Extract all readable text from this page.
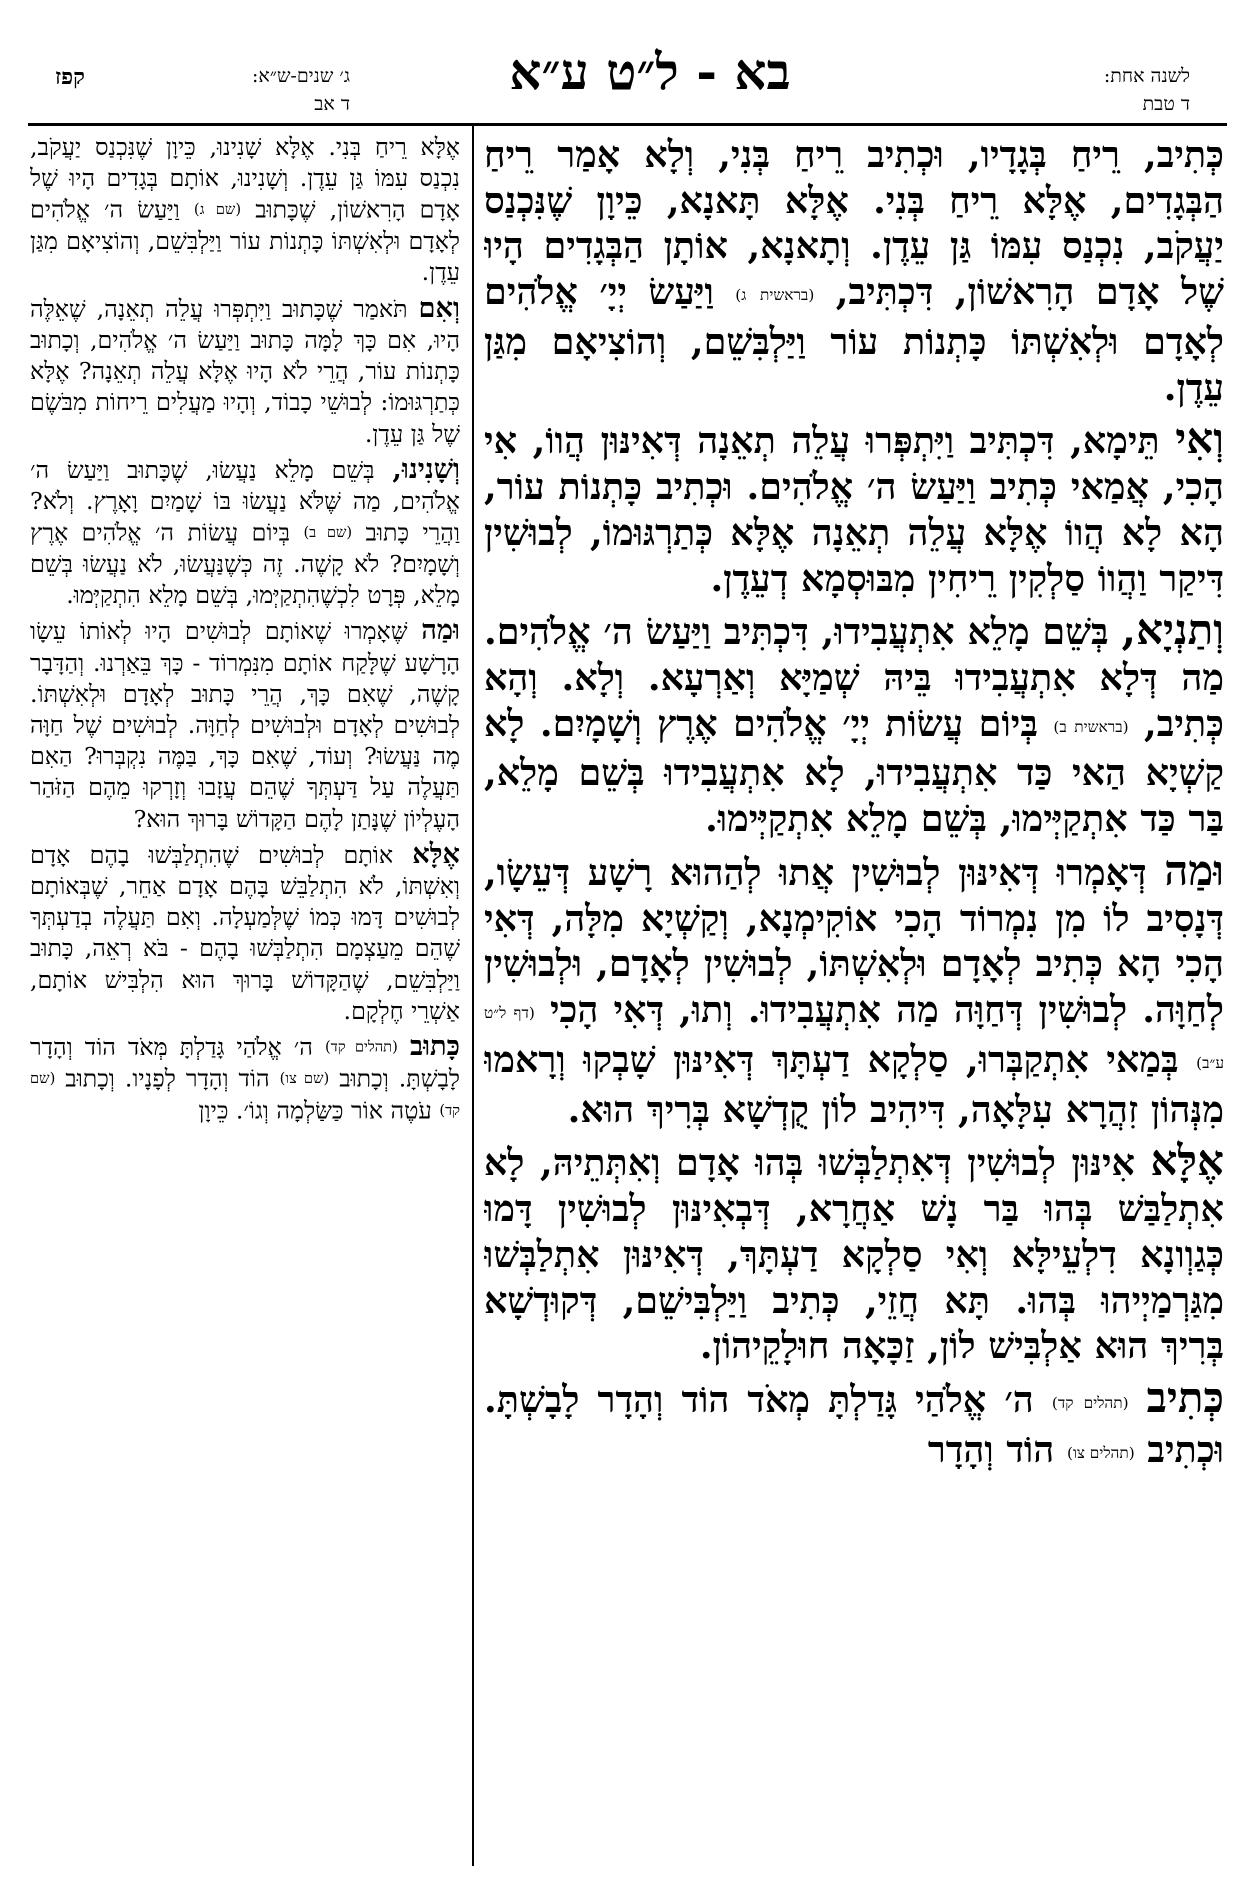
קפז	ג׳ שנים-ש״א:
ד אב
בא - ל״ט ע״א	לשנה אחת:
ד טבת

כְּתִיב, רֵיחַ בְּגָדָיו, וּכְתִיב רֵיחַ בְּנִי, וְלָא אָמַר רֵיחַ הַבְּגָדִים, אֶלָּא רֵיחַ בְּנִי. אֶלָּא תָּאנָא, כֵּיוָן שֶׁנִּכְנַס יַעֲקֹב, נִכְנַס עִמּוֹ גַּן עֵדֶן. וְתָאנָא, אוֹתָן הַבְּגָדִים הָיוּ שֶׁל אָדָם הָרִאשׁוֹן, דִּכְתִּיב, (בראשית ג) וַיַּעַשׂ יְיָ׳ אֱלֹהִים לְאָדָם וּלְאִשְׁתּוֹ כָּתְנוֹת עוֹר וַיַּלְבִּשֵׁם, וְהוֹצִיאָם מִגַּן עֵדֶן.

וְאִי תֵּימָא, דִּכְתִּיב וַיִּתְפְּרוּ עֲלֵה תְאֵנָה דְּאִינּוּן הֲווֹ, אִי הָכִי, אֲמַאי כְּתִיב וַיַּעַשׂ ה׳ אֱלֹהִים. וּכְתִיב כָּתְנוֹת עוֹר, הָא לָא הֲווֹ אֶלָּא עֲלֵה תְאֵנָה אֶלָּא כְּתַרְגּוּמוֹ, לְבוּשִׁין דִּיקַר וַהֲווֹ סַלְקִין רֵיחִין מִבּוּסְמָא דְעֵדֶן.

וְתַנְיָא, בְּשֵׁם מָלֵא אִתְעֲבִידוּ, דִּכְתִּיב וַיַּעַשׂ ה׳ אֱלֹהִים. מַה דְּלָא אִתְעֲבִידוּ בֵּיהּ שְׁמַיָּא וְאַרְעָא. וְלָא. וְהָא כְּתִיב, (בראשית ב) בְּיוֹם עֲשׂוֹת יְיָ׳ אֱלֹהִים אֶרֶץ וְשָׁמָיִם. לָא קַשְׁיָא הַאי כַּד אִתְעֲבִידוּ, לָא אִתְעֲבִידוּ בְּשֵׁם מָלֵא, בַּר כַּד אִתְקַיְּימוּ, בְּשֵׁם מָלֵא אִתְקַיְּימוּ.

וּמַה דְּאָמְרוּ דְּאִינּוּן לְבוּשִׁין אֲתוּ לְהַהוּא רָשָׁע דְּעֵשָׂו, דְּנָסִיב לוֹ מִן נִמְרוֹד הָכִי אוֹקִימְנָא, וְקַשְׁיָא מִלָּה, דְּאִי הָכִי הָא כְּתִיב לְאָדָם וּלְאִשְׁתּוֹ, לְבוּשִׁין לְאָדָם, וּלְבוּשִׁין לְחַוָּה. לְבוּשִׁין דְּחַוָּה מַה אִתְעֲבִידוּ. וְתוּ, דְּאִי הָכִי (דף ל״ט ע״ב) בְּמַאי אִתְקַבְּרוּ, סַלְקָא דַעְתָּךְ דְּאִינּוּן שָׁבְקוּ וְרָאמוּ מִנְּהוֹן זִהֲרָא עִלָּאָה, דִּיהִיב לוֹן קֻדְשָׁא בְּרִיךְ הוּא.

אֶלָּא אִינּוּן לְבוּשִׁין דְּאִתְלַבְּשׁוּ בְּהוּ אָדָם וְאִתְּתֵיהּ, לָא אִתְלַבַּשׁ בְּהוּ בַּר נָשׁ אַחֲרָא, דְּבְאִינּוּן לְבוּשִׁין דָּמוּ כְּגַוְונָא דִלְעֵילָּא וְאִי סַלְקָא דַעְתָּךְ, דְּאִינּוּן אִתְלַבְּשׁוּ מִגַּרְמַיְיהוּ בְּהוּ. תָּא חֲזֵי, כְּתִיב וַיַּלְבִּישֵׁם, דְּקוּדְשָׁא בְּרִיךְ הוּא אַלְבִּישׁ לוֹן, זַכָּאָה חוּלָקֵיהוֹן.

כְּתִיב (תהלים קד) ה׳ אֱלֹהַי גָּדַלְתָּ מְאֹד הוֹד וְהָדָר לָבָשְׁתָּ. וּכְתִיב (תהלים צו) הוֹד וְהָדָר

אֶלָּא רֵיחַ בְּנִי. אֶלָּא שָׁנִינוּ, כֵּיוָן שֶׁנִּכְנַס יַעֲקֹב, נִכְנַס עִמּוֹ גַּן עֵדֶן. וְשָׁנִינוּ, אוֹתָם בְּגָדִים הָיוּ שֶׁל אָדָם הָרִאשׁוֹן, שֶׁכָּתוּב (שם ג) וַיַּעַשׂ ה׳ אֱלֹהִים לְאָדָם וּלְאִשְׁתּוֹ כָּתְנוֹת עוֹר וַיַּלְבִּשֵׁם, וְהוֹצִיאָם מִגַּן עֵדֶן.

וְאִם תֹּאמַר שֶׁכָּתוּב וַיִּתְפְּרוּ עֲלֵה תְאֵנָה, שֶׁאֵלֶּה הָיוּ, אִם כָּךְ לָמָּה כָּתוּב וַיַּעַשׂ ה׳ אֱלֹהִים, וְכָתוּב כָּתְנוֹת עוֹר, הֲרֵי לֹא הָיוּ אֶלָּא עֲלֵה תְאֵנָה? אֶלָּא כְּתַרְגּוּמוֹ: לְבוּשֵׁי כָבוֹד, וְהָיוּ מַעֲלִים רֵיחוֹת מִבֹּשֶׂם שֶׁל גַּן עֵדֶן.

וְשָׁנִינוּ, בְּשֵׁם מָלֵא נַעֲשׂוּ, שֶׁכָּתוּב וַיַּעַשׂ ה׳ אֱלֹהִים, מַה שֶּׁלֹּא נַעֲשׂוּ בּוֹ שָׁמַיִם וָאָרֶץ. וְלֹא? וַהֲרֵי כָּתוּב (שם ב) בְּיוֹם עֲשׂוֹת ה׳ אֱלֹהִים אֶרֶץ וְשָׁמָיִם? לֹא קָשֶׁה. זֶה כְּשֶׁנַּעֲשׂוּ, לֹא נַעֲשׂוּ בְּשֵׁם מָלֵא, פְּרָט לִכְשֶׁהִתְקַיְּמוּ, בְּשֵׁם מָלֵא הִתְקַיְּמוּ.

וּמַה שֶּׁאָמְרוּ שֶׁאוֹתָם לְבוּשִׁים הָיוּ לְאוֹתוֹ עֵשָׂו הָרָשָׁע שֶׁלָּקַח אוֹתָם מִנִּמְרוֹד - כָּךְ בֵּאַרְנוּ. וְהַדָּבָר קָשֶׁה, שֶׁאִם כָּךְ, הֲרֵי כָּתוּב לְאָדָם וּלְאִשְׁתּוֹ. לְבוּשִׁים לְאָדָם וּלְבוּשִׁים לְחַוָּה. לְבוּשִׁים שֶׁל חַוָּה מֶה נַּעֲשׂוּ? וְעוֹד, שֶׁאִם כָּךְ, בַּמֶּה נִקְבְּרוּ? הַאִם תַּעֲלֶה עַל דַּעְתְּךָ שֶׁהֵם עֲזָבוּ וְזָרְקוּ מֵהֶם הַזֹּהַר הָעֶלְיוֹן שֶׁנָּתַן לָהֶם הַקָּדוֹשׁ בָּרוּךְ הוּא?

אֶלָּא אוֹתָם לְבוּשִׁים שֶׁהִתְלַבְּשׁוּ בָהֶם אָדָם וְאִשְׁתּוֹ, לֹא הִתְלַבֵּשׁ בָּהֶם אָדָם אַחֵר, שֶׁבְּאוֹתָם לְבוּשִׁים דָּמוּ כְּמוֹ שֶׁלְּמַעְלָה. וְאִם תַּעֲלֶה בְדַעְתְּךָ שֶׁהֵם מֵעַצְמָם הִתְלַבְּשׁוּ בָהֶם - בֹּא רְאֵה, כָּתוּב וַיַּלְבִּשֵׁם, שֶׁהַקָּדוֹשׁ בָּרוּךְ הוּא הִלְבִּישׁ אוֹתָם, אַשְׁרֵי חֶלְקָם.

כָּתוּב (תהלים קד) ה׳ אֱלֹהַי גָּדַלְתָּ מְּאֹד הוֹד וְהָדָר לָבָשְׁתָּ. וְכָתוּב (שם צו) הוֹד וְהָדָר לְפָנָיו. וְכָתוּב (שם קד) עֹטֶה אוֹר כַּשַּׂלְמָה וְגוֹ׳. כֵּיוָן
